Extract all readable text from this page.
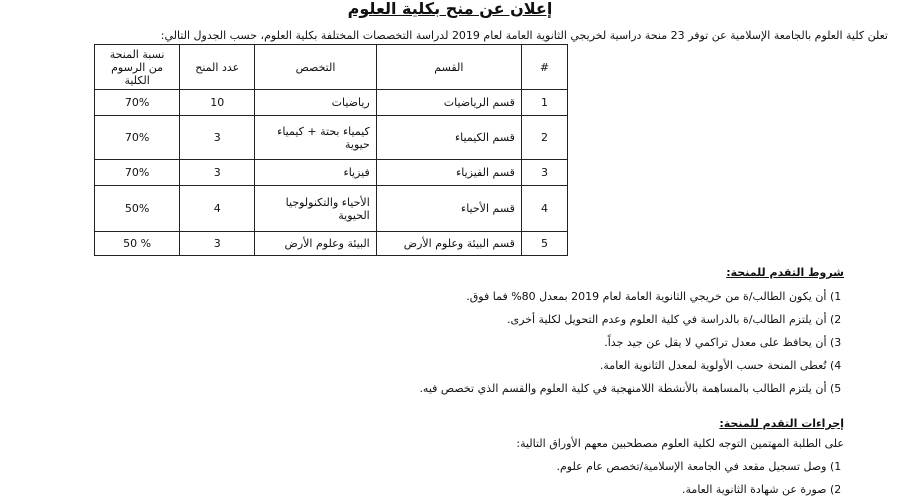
إعلان عن منح بكلية العلوم
تعلن كلية العلوم بالجامعة الإسلامية عن توفر 23 منحة دراسية لخريجي الثانوية العامة لعام 2019 لدراسة التخصصات المختلفة بكلية العلوم، حسب الجدول التالي:
#	القسم	التخصص	عدد المنح	نسبة المنحة من الرسوم الكلية
1	قسم الرياضيات	رياضيات	10	70%
2	قسم الكيمياء	كيمياء بحتة + كيمياء حيوية	3	70%
3	قسم الفيزياء	فيزياء	3	70%
4	قسم الأحياء	الأحياء والتكنولوجيا الحيوية	4	50%
5	قسم البيئة وعلوم الأرض	البيئة وعلوم الأرض	3	50 %
شروط التقدم للمنحة:
1) أن يكون الطالب/ة من خريجي الثانوية العامة لعام 2019 بمعدل 80% فما فوق.
2) أن يلتزم الطالب/ة بالدراسة في كلية العلوم وعدم التحويل لكلية أخرى.
3) أن يحافظ على معدل تراكمي لا يقل عن جيد جداً.
4) تُعطى المنحة حسب الأولوية لمعدل الثانوية العامة.
5) أن يلتزم الطالب بالمساهمة بالأنشطة اللامنهجية في كلية العلوم والقسم الذي تخصص فيه.
إجراءات التقدم للمنحة:
على الطلبة المهتمين التوجه لكلية العلوم مصطحبين معهم الأوراق التالية:
1) وصل تسجيل مقعد في الجامعة الإسلامية/تخصص عام علوم.
2) صورة عن شهادة الثانوية العامة.
